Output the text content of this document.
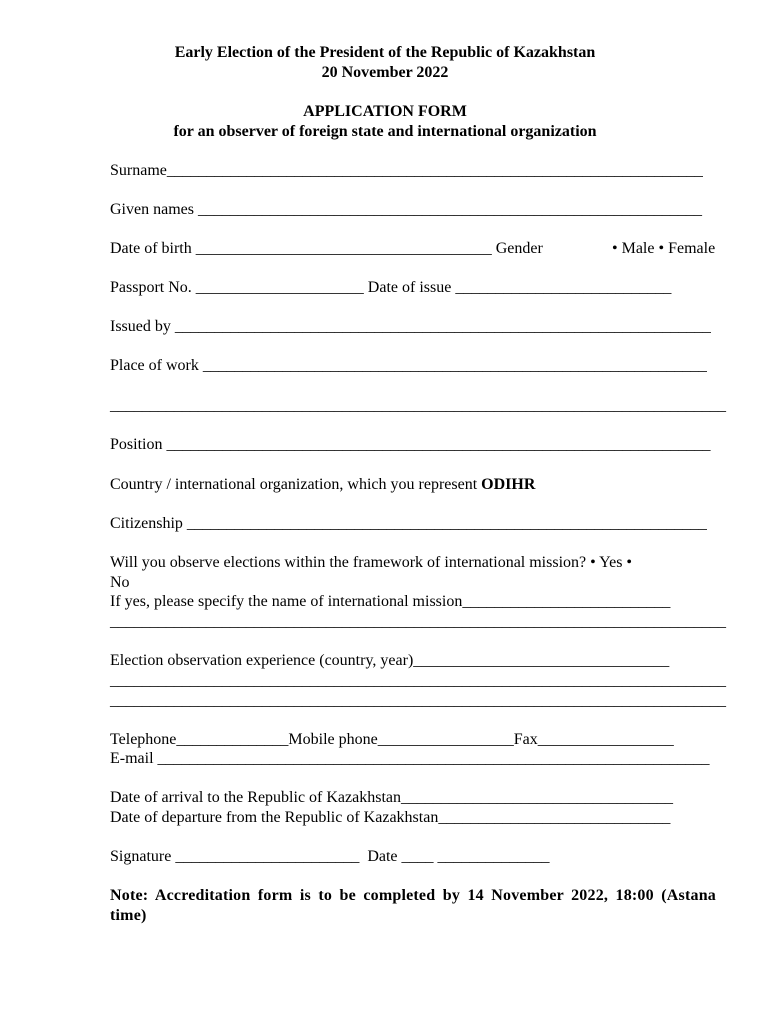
Early Election of the President of the Republic of Kazakhstan
20 November 2022
APPLICATION FORM
for an observer of foreign state and international organization
Surname___________________________________________________________________
Given names _______________________________________________________________
Date of birth _____________________________________ Gender	• Male • Female
Passport No. _____________________ Date of issue ___________________________
Issued by ___________________________________________________________________
Place of work _______________________________________________________________
_____________________________________________________________________________
Position ____________________________________________________________________
Country / international organization, which you represent ODIHR
Citizenship _________________________________________________________________
Will you observe elections within the framework of international mission? • Yes •
No
If yes, please specify the name of international mission__________________________
_____________________________________________________________________________
Election observation experience (country, year)________________________________
_____________________________________________________________________________
_____________________________________________________________________________
Telephone______________Mobile phone_________________Fax_________________
E-mail _____________________________________________________________________
Date of arrival to the Republic of Kazakhstan__________________________________
Date of departure from the Republic of Kazakhstan_____________________________
Signature _______________________  Date ____ ______________
Note: Accreditation form is to be completed by 14 November 2022, 18:00 (Astana time)
